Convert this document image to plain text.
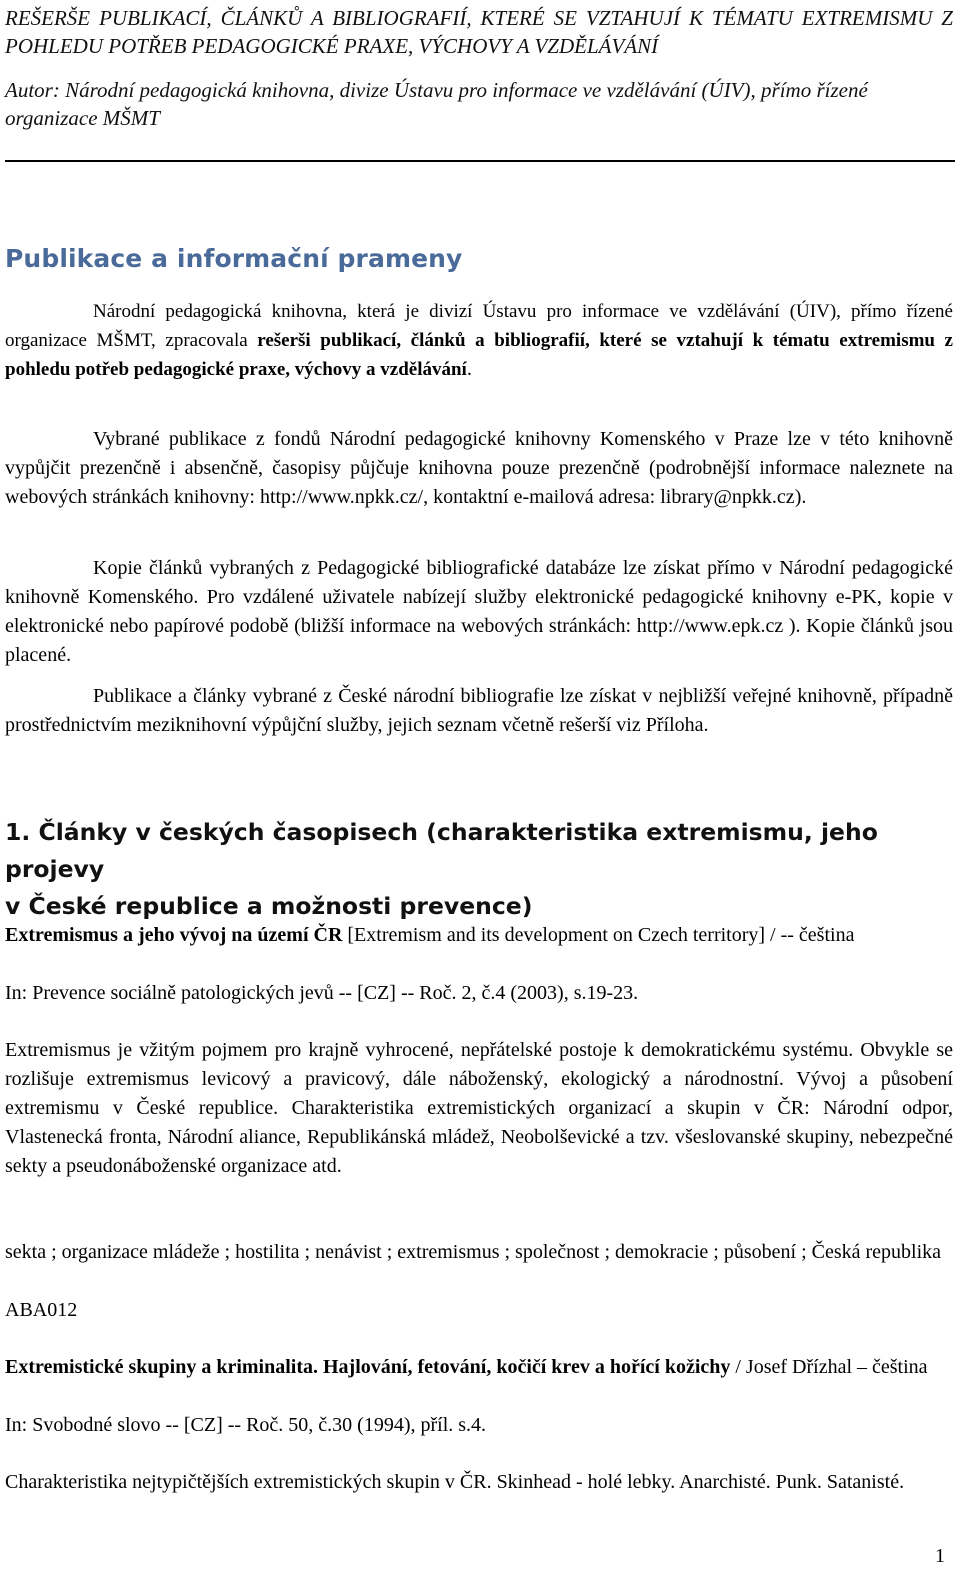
REŠERŠE PUBLIKACÍ, ČLÁNKŮ A BIBLIOGRAFIÍ, KTERÉ SE VZTAHUJÍ K TÉMATU EXTREMISMU Z POHLEDU POTŘEB PEDAGOGICKÉ PRAXE, VÝCHOVY A VZDĚLÁVÁNÍ
Autor: Národní pedagogická knihovna, divize Ústavu pro informace ve vzdělávání (ÚIV), přímo řízené organizace MŠMT
Publikace a informační prameny
Národní pedagogická knihovna, která je divizí Ústavu pro informace ve vzdělávání (ÚIV), přímo řízené organizace MŠMT, zpracovala rešerši publikací, článků a bibliografií, které se vztahují k tématu extremismu z pohledu potřeb pedagogické praxe, výchovy a vzdělávání.
Vybrané publikace z fondů Národní pedagogické knihovny Komenského v Praze lze v této knihovně vypůjčit prezenčně i absenčně, časopisy půjčuje knihovna pouze prezenčně (podrobnější informace naleznete na webových stránkách knihovny: http://www.npkk.cz/, kontaktní e-mailová adresa: library@npkk.cz).
Kopie článků vybraných z Pedagogické bibliografické databáze lze získat přímo v Národní pedagogické knihovně Komenského. Pro vzdálené uživatele nabízejí služby elektronické pedagogické knihovny e-PK, kopie v elektronické nebo papírové podobě (bližší informace na webových stránkách: http://www.epk.cz ). Kopie článků jsou placené.
Publikace a články vybrané z České národní bibliografie lze získat v nejbližší veřejné knihovně, případně prostřednictvím meziknihovní výpůjční služby, jejich seznam včetně rešerší viz Příloha.
1. Články v českých časopisech (charakteristika extremismu, jeho projevy
v České republice a možnosti prevence)
Extremismus a jeho vývoj na území ČR [Extremism and its development on Czech territory] / -- čeština
In: Prevence sociálně patologických jevů -- [CZ] -- Roč. 2, č.4 (2003), s.19-23.
Extremismus je vžitým pojmem pro krajně vyhrocené, nepřátelské postoje k demokratickému systému. Obvykle se rozlišuje extremismus levicový a pravicový, dále náboženský, ekologický a národnostní. Vývoj a působení extremismu v České republice. Charakteristika extremistických organizací a skupin v ČR: Národní odpor, Vlastenecká fronta, Národní aliance, Republikánská mládež, Neobolševické a tzv. všeslovanské skupiny, nebezpečné sekty a pseudonáboženské organizace atd.
sekta ; organizace mládeže ; hostilita ; nenávist ; extremismus ; společnost ; demokracie ; působení ; Česká republika
ABA012
Extremistické skupiny a kriminalita. Hajlování, fetování, kočičí krev a hořící kožichy / Josef Dřízhal – čeština
In: Svobodné slovo -- [CZ] -- Roč. 50, č.30 (1994), příl. s.4.
Charakteristika nejtypičtějších extremistických skupin v ČR. Skinhead - holé lebky. Anarchisté. Punk. Satanisté.
1
